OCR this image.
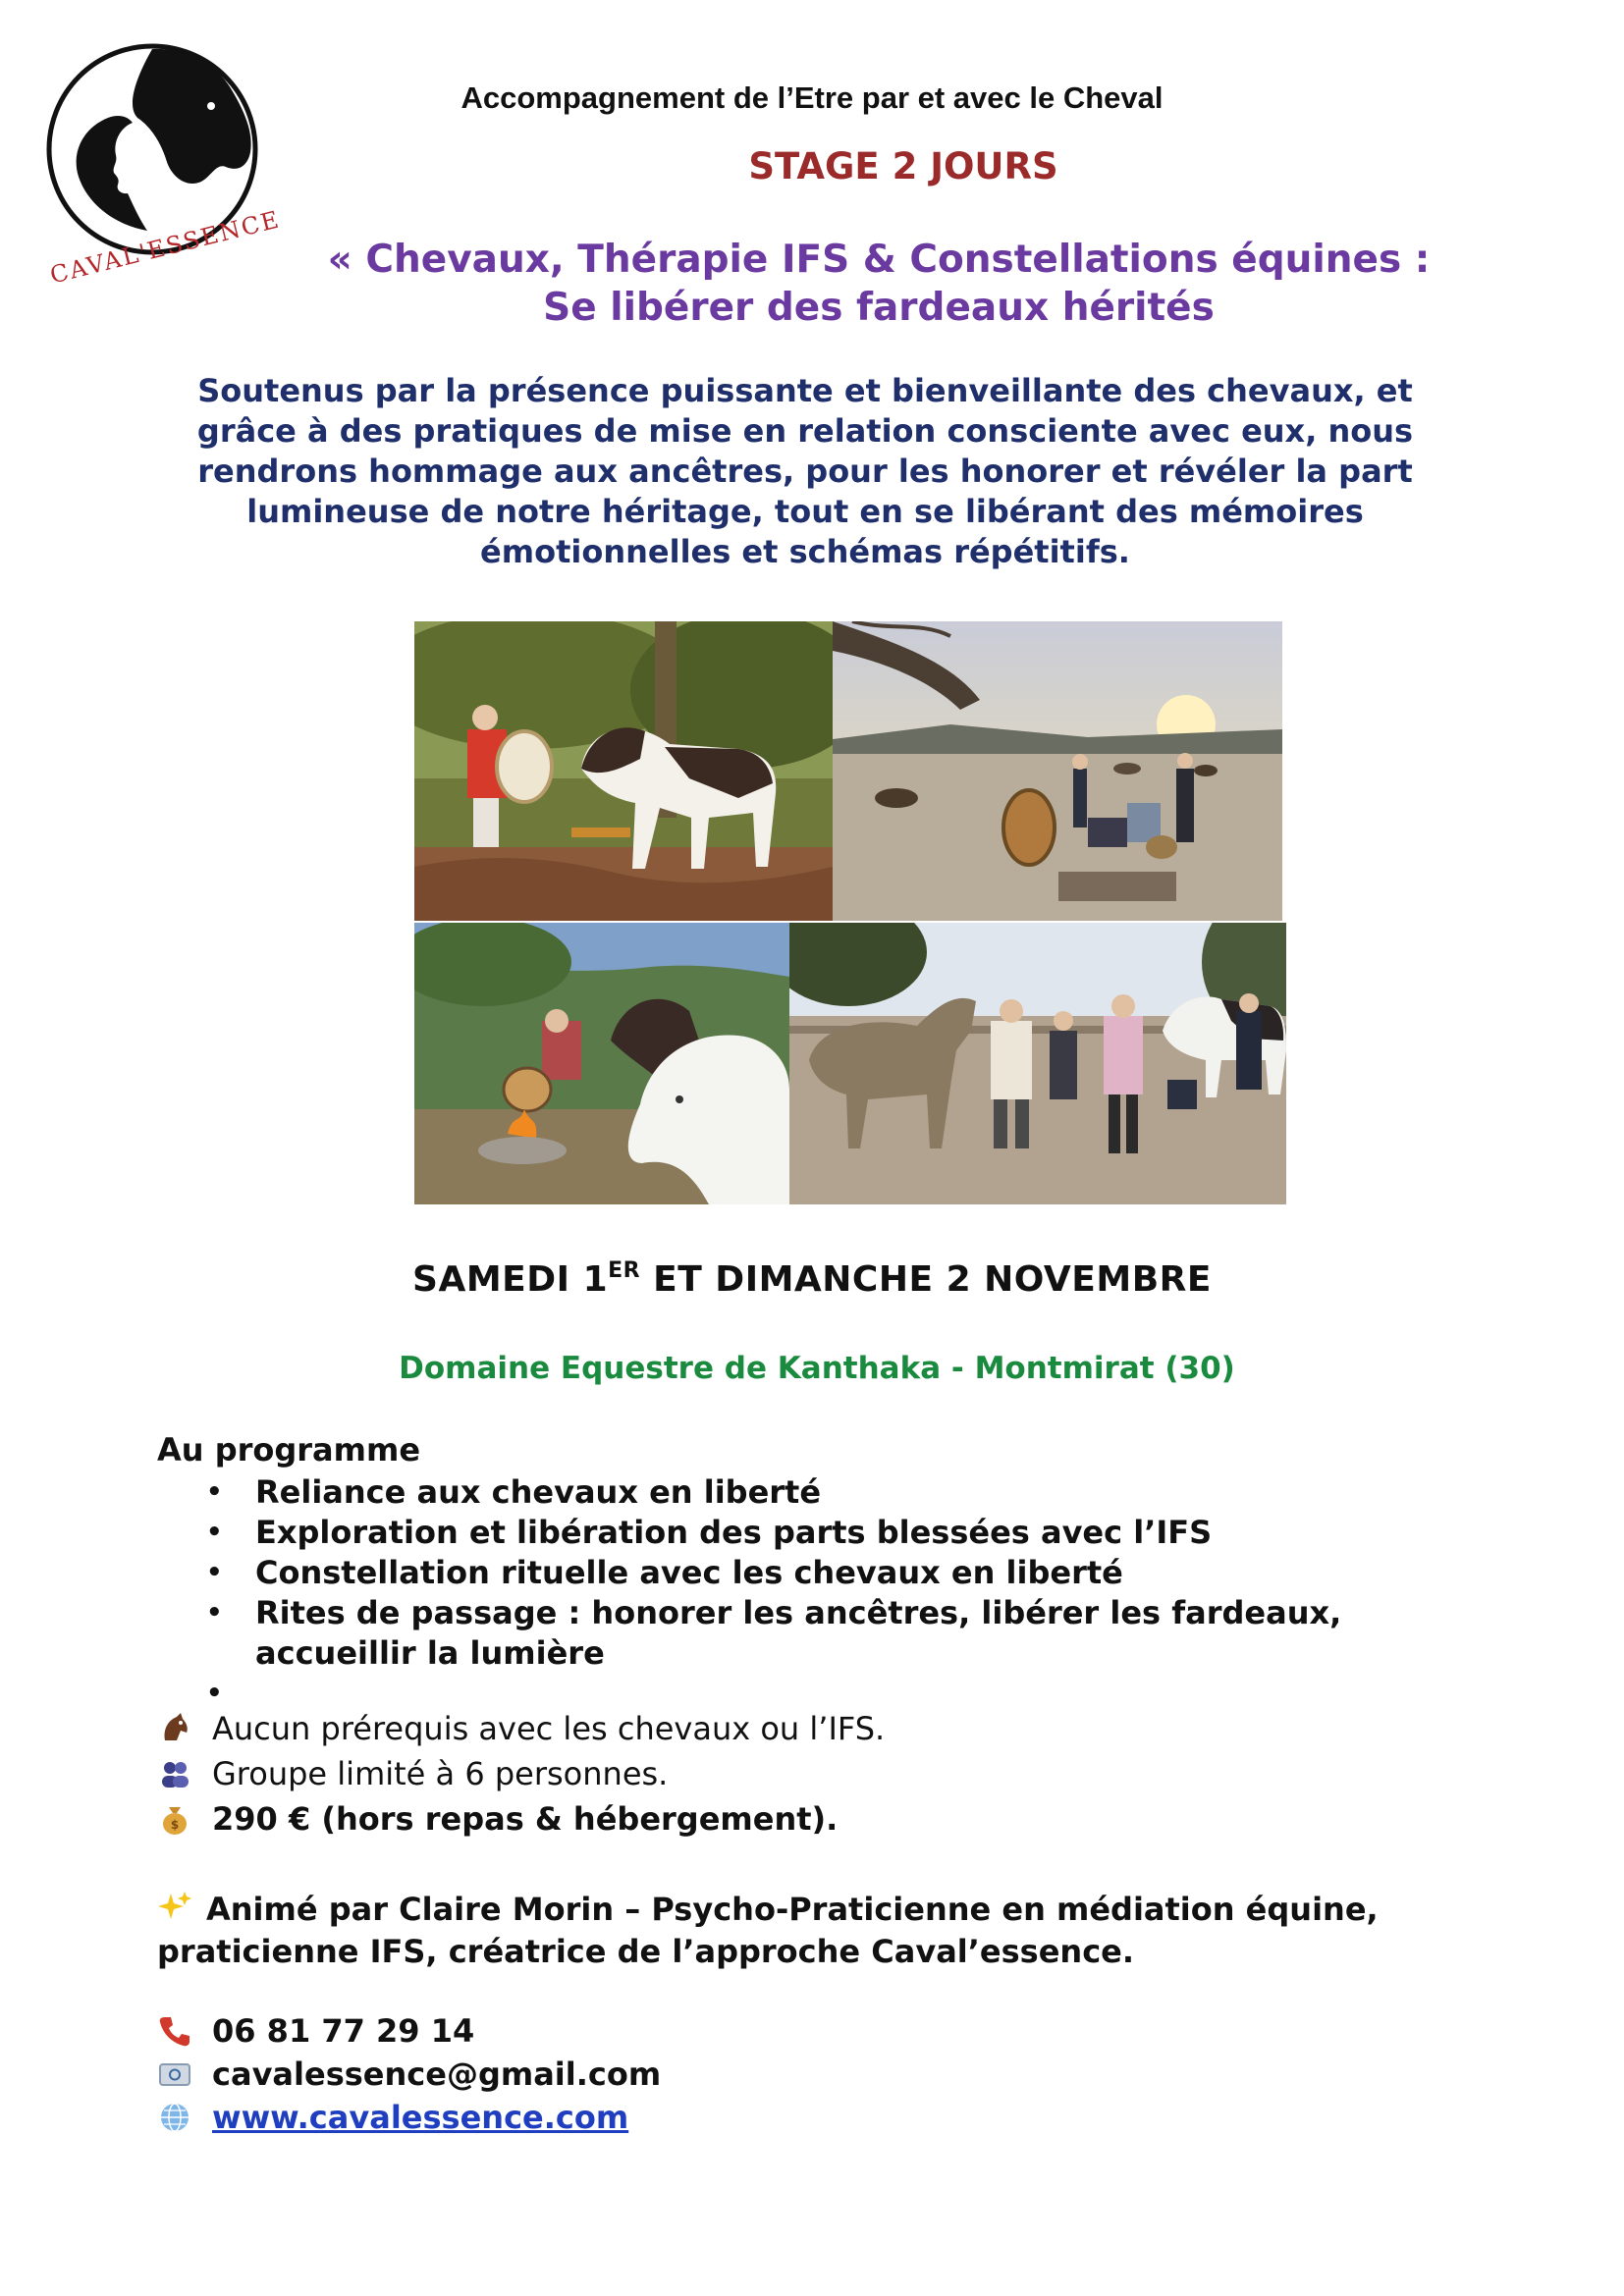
CAVAL'ESSENCE
Accompagnement de l’Etre par et avec le Cheval
STAGE 2 JOURS
« Chevaux, Thérapie IFS & Constellations équines :
Se libérer des fardeaux hérités
Soutenus par la présence puissante et bienveillante des chevaux, et
grâce à des pratiques de mise en relation consciente avec eux, nous
rendrons hommage aux ancêtres, pour les honorer et révéler la part
lumineuse de notre héritage, tout en se libérant des mémoires
émotionnelles et schémas répétitifs.
SAMEDI 1ER ET DIMANCHE 2 NOVEMBRE
Domaine Equestre de Kanthaka - Montmirat (30)
Au programme
• Reliance aux chevaux en liberté
• Exploration et libération des parts blessées avec l’IFS
• Constellation rituelle avec les chevaux en liberté
• Rites de passage : honorer les ancêtres, libérer les fardeaux, accueillir la lumière
•

Aucun prérequis avec les chevaux ou l’IFS.
Groupe limité à 6 personnes.
$ 290 € (hors repas & hébergement).
Animé par Claire Morin – Psycho-Praticienne en médiation équine, praticienne IFS, créatrice de l’approche Caval’essence.
06 81 77 29 14
cavalessence@gmail.com
www.cavalessence.com
